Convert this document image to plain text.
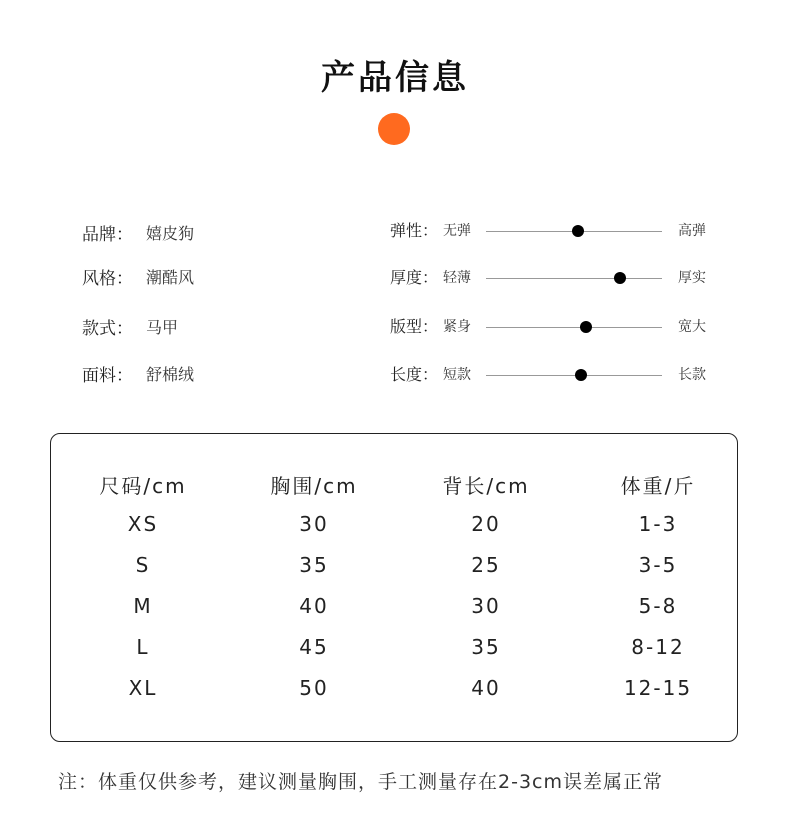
产品信息
品牌： 嬉皮狗
风格： 潮酷风
款式： 马甲
面料： 舒棉绒
弹性： 无弹	高弹
厚度： 轻薄	厚实
版型： 紧身	宽大
长度： 短款	长款
尺码/cm	胸围/cm	背长/cm	体重/斤
XS	30	20	1-3
S	35	25	3-5
M	40	30	5-8
L	45	35	8-12
XL	50	40	12-15
注：体重仅供参考，建议测量胸围，手工测量存在2-3cm误差属正常
